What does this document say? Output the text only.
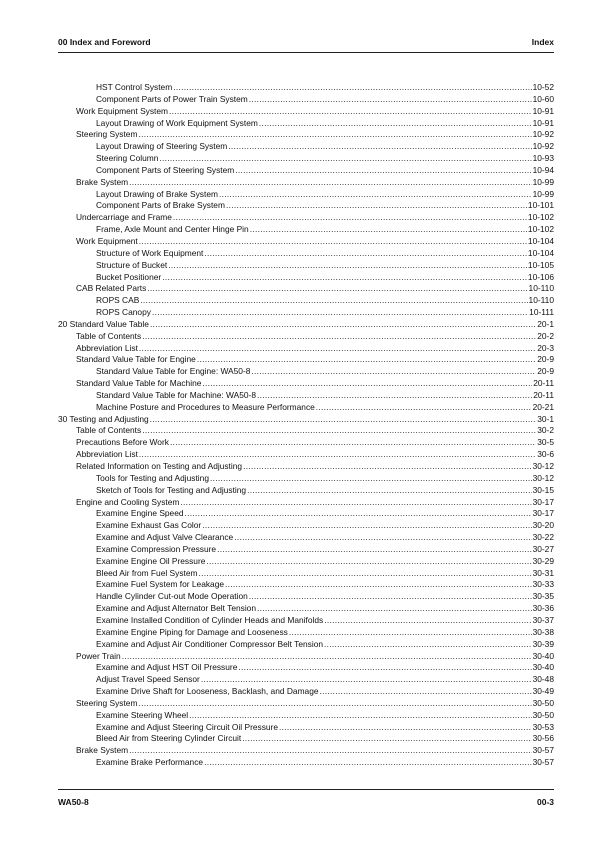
00 Index and Foreword	Index
HST Control System .....	10-52
Component Parts of Power Train System .....	10-60
Work Equipment System .....	10-91
Layout Drawing of Work Equipment System .....	10-91
Steering System .....	10-92
Layout Drawing of Steering System .....	10-92
Steering Column .....	10-93
Component Parts of Steering System .....	10-94
Brake System .....	10-99
Layout Drawing of Brake System .....	10-99
Component Parts of Brake System .....	10-101
Undercarriage and Frame .....	10-102
Frame, Axle Mount and Center Hinge Pin .....	10-102
Work Equipment .....	10-104
Structure of Work Equipment .....	10-104
Structure of Bucket .....	10-105
Bucket Positioner .....	10-106
CAB Related Parts .....	10-110
ROPS CAB .....	10-110
ROPS Canopy .....	10-111
20 Standard Value Table .....	20-1
Table of Contents .....	20-2
Abbreviation List .....	20-3
Standard Value Table for Engine .....	20-9
Standard Value Table for Engine: WA50-8 .....	20-9
Standard Value Table for Machine .....	20-11
Standard Value Table for Machine: WA50-8 .....	20-11
Machine Posture and Procedures to Measure Performance .....	20-21
30 Testing and Adjusting .....	30-1
Table of Contents .....	30-2
Precautions Before Work .....	30-5
Abbreviation List .....	30-6
Related Information on Testing and Adjusting .....	30-12
Tools for Testing and Adjusting .....	30-12
Sketch of Tools for Testing and Adjusting .....	30-15
Engine and Cooling System .....	30-17
Examine Engine Speed .....	30-17
Examine Exhaust Gas Color .....	30-20
Examine and Adjust Valve Clearance .....	30-22
Examine Compression Pressure .....	30-27
Examine Engine Oil Pressure .....	30-29
Bleed Air from Fuel System .....	30-31
Examine Fuel System for Leakage .....	30-33
Handle Cylinder Cut-out Mode Operation .....	30-35
Examine and Adjust Alternator Belt Tension .....	30-36
Examine Installed Condition of Cylinder Heads and Manifolds .....	30-37
Examine Engine Piping for Damage and Looseness .....	30-38
Examine and Adjust Air Conditioner Compressor Belt Tension .....	30-39
Power Train .....	30-40
Examine and Adjust HST Oil Pressure .....	30-40
Adjust Travel Speed Sensor .....	30-48
Examine Drive Shaft for Looseness, Backlash, and Damage .....	30-49
Steering System .....	30-50
Examine Steering Wheel .....	30-50
Examine and Adjust Steering Circuit Oil Pressure .....	30-53
Bleed Air from Steering Cylinder Circuit .....	30-56
Brake System .....	30-57
Examine Brake Performance .....	30-57
WA50-8	00-3
